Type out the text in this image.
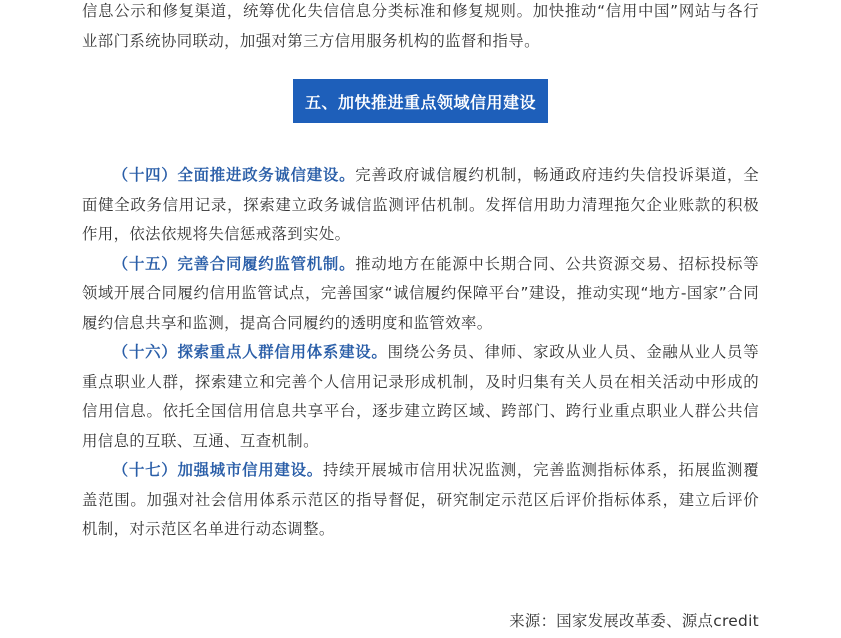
信息公示和修复渠道，统筹优化失信信息分类标准和修复规则。加快推动“信用中国”网站与各行业部门系统协同联动，加强对第三方信用服务机构的监督和指导。

五、加快推进重点领域信用建设

（十四）全面推进政务诚信建设。完善政府诚信履约机制，畅通政府违约失信投诉渠道，全面健全政务信用记录，探索建立政务诚信监测评估机制。发挥信用助力清理拖欠企业账款的积极作用，依法依规将失信惩戒落到实处。

（十五）完善合同履约监管机制。推动地方在能源中长期合同、公共资源交易、招标投标等领域开展合同履约信用监管试点，完善国家“诚信履约保障平台”建设，推动实现“地方-国家”合同履约信息共享和监测，提高合同履约的透明度和监管效率。

（十六）探索重点人群信用体系建设。围绕公务员、律师、家政从业人员、金融从业人员等重点职业人群，探索建立和完善个人信用记录形成机制，及时归集有关人员在相关活动中形成的信用信息。依托全国信用信息共享平台，逐步建立跨区域、跨部门、跨行业重点职业人群公共信用信息的互联、互通、互查机制。

（十七）加强城市信用建设。持续开展城市信用状况监测，完善监测指标体系，拓展监测覆盖范围。加强对社会信用体系示范区的指导督促，研究制定示范区后评价指标体系，建立后评价机制，对示范区名单进行动态调整。

来源：国家发展改革委、源点credit
